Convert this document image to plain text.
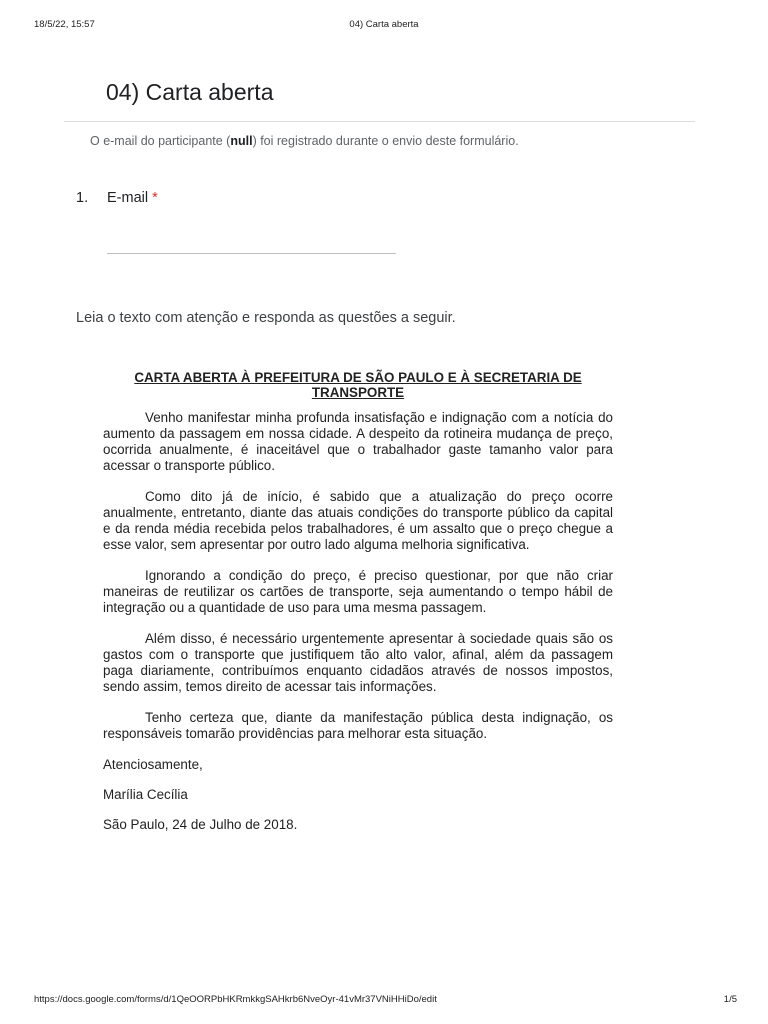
18/5/22, 15:57	04) Carta aberta
04) Carta aberta
O e-mail do participante (null) foi registrado durante o envio deste formulário.
1. E-mail *
Leia o texto com atenção e responda as questões a seguir.
CARTA ABERTA À PREFEITURA DE SÃO PAULO E À SECRETARIA DE TRANSPORTE

Venho manifestar minha profunda insatisfação e indignação com a notícia do aumento da passagem em nossa cidade. A despeito da rotineira mudança de preço, ocorrida anualmente, é inaceitável que o trabalhador gaste tamanho valor para acessar o transporte público.

Como dito já de início, é sabido que a atualização do preço ocorre anualmente, entretanto, diante das atuais condições do transporte público da capital e da renda média recebida pelos trabalhadores, é um assalto que o preço chegue a esse valor, sem apresentar por outro lado alguma melhoria significativa.

Ignorando a condição do preço, é preciso questionar, por que não criar maneiras de reutilizar os cartões de transporte, seja aumentando o tempo hábil de integração ou a quantidade de uso para uma mesma passagem.

Além disso, é necessário urgentemente apresentar à sociedade quais são os gastos com o transporte que justifiquem tão alto valor, afinal, além da passagem paga diariamente, contribuímos enquanto cidadãos através de nossos impostos, sendo assim, temos direito de acessar tais informações.

Tenho certeza que, diante da manifestação pública desta indignação, os responsáveis tomarão providências para melhorar esta situação.

Atenciosamente,

Marília Cecília

São Paulo, 24 de Julho de 2018.

https://docs.google.com/forms/d/1QeOORPbHKRmkkgSAHkrb6NveOyr-41vMr37VNiHHiDo/edit	1/5
